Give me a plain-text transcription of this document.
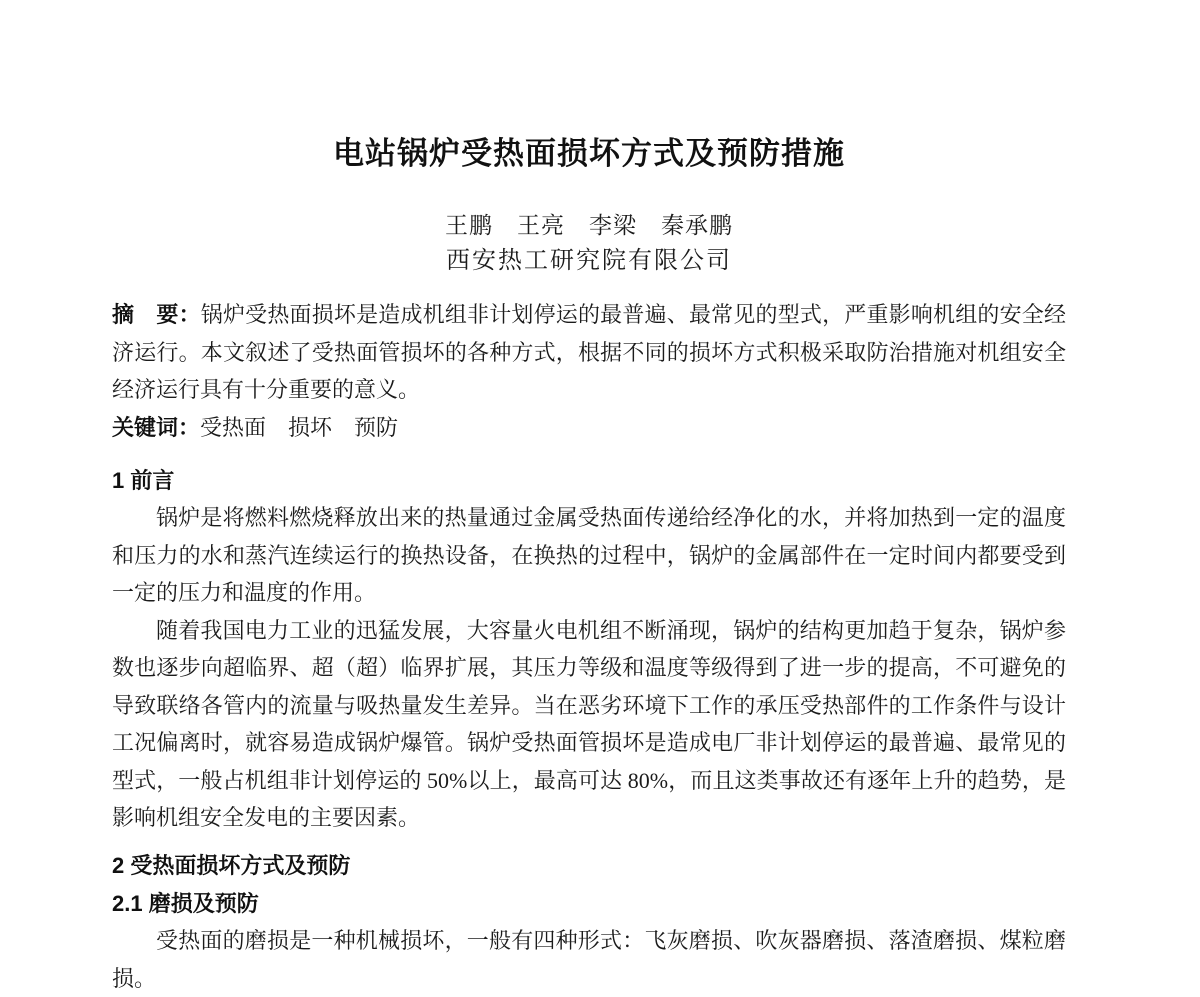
电站锅炉受热面损坏方式及预防措施
王鹏　王亮　李梁　秦承鹏
西安热工研究院有限公司

摘　要：锅炉受热面损坏是造成机组非计划停运的最普遍、最常见的型式，严重影响机组的安全经济运行。本文叙述了受热面管损坏的各种方式，根据不同的损坏方式积极采取防治措施对机组安全经济运行具有十分重要的意义。

关键词：受热面　损坏　预防

1 前言

锅炉是将燃料燃烧释放出来的热量通过金属受热面传递给经净化的水，并将加热到一定的温度和压力的水和蒸汽连续运行的换热设备，在换热的过程中，锅炉的金属部件在一定时间内都要受到一定的压力和温度的作用。

随着我国电力工业的迅猛发展，大容量火电机组不断涌现，锅炉的结构更加趋于复杂，锅炉参数也逐步向超临界、超（超）临界扩展，其压力等级和温度等级得到了进一步的提高，不可避免的导致联络各管内的流量与吸热量发生差异。当在恶劣环境下工作的承压受热部件的工作条件与设计工况偏离时，就容易造成锅炉爆管。锅炉受热面管损坏是造成电厂非计划停运的最普遍、最常见的型式，一般占机组非计划停运的 50%以上，最高可达 80%，而且这类事故还有逐年上升的趋势，是影响机组安全发电的主要因素。

2 受热面损坏方式及预防
2.1 磨损及预防

受热面的磨损是一种机械损坏，一般有四种形式：飞灰磨损、吹灰器磨损、落渣磨损、煤粒磨损。
